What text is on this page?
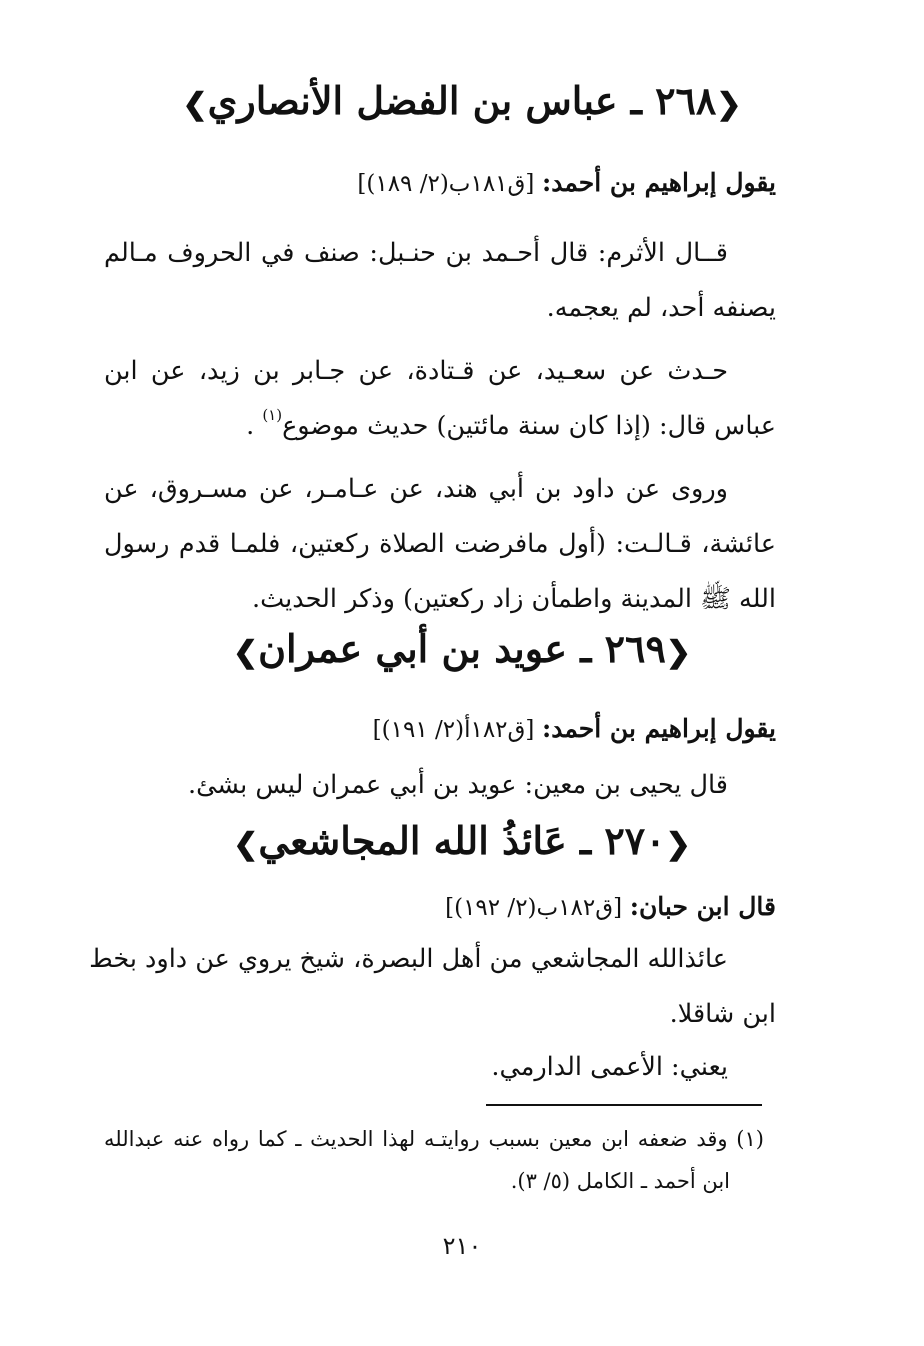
❮٢٦٨ ـ عباس بن الفضل الأنصاري❯
يقول إبراهيم بن أحمد: [ق١٨١ب(٢/ ١٨٩)]
قــال الأثرم: قال أحـمد بن حنـبل: صنف في الحروف مـالم
يصنفه أحد، لم يعجمه.
حـدث عن سعـيد، عن قـتادة، عن جـابر بن زيد، عن ابن
عباس قال: (إذا كان سنة مائتين) حديث موضوع$^{(١)}$ .
وروى عن داود بن أبي هند، عن عـامـر، عن مسـروق، عن
عائشة، قـالـت: (أول مافرضت الصلاة ركعتين، فلمـا قدم رسول
الله ﷺ المدينة واطمأن زاد ركعتين) وذكر الحديث.
❮٢٦٩ ـ عويد بن أبي عمران❯
يقول إبراهيم بن أحمد: [ق١٨٢أ(٢/ ١٩١)]
قال يحيى بن معين: عويد بن أبي عمران ليس بشئ.
❮٢٧٠ ـ عَائذُ الله المجاشعي❯
قال ابن حبان: [ق١٨٢ب(٢/ ١٩٢)]
عائذالله المجاشعي من أهل البصرة، شيخ يروي عن داود بخط
ابن شاقلا.
يعني: الأعمى الدارمي.
(١) وقد ضعفه ابن معين بسبب روايتـه لهذا الحديث ـ كما رواه عنه عبدالله
ابن أحمد ـ الكامل (٥/ ٣).
٢١٠
